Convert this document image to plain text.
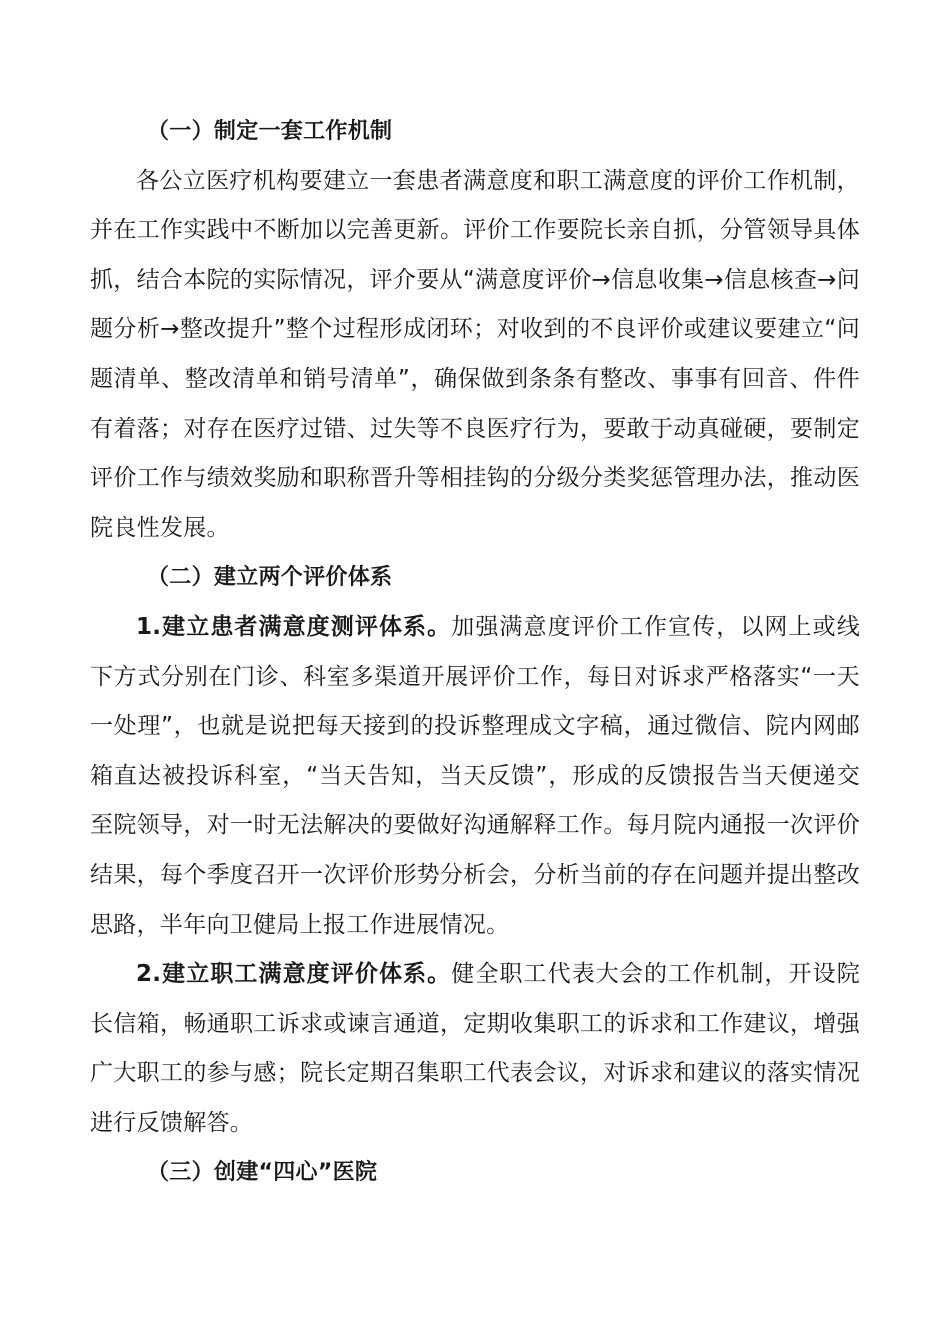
（一）制定一套工作机制

各公立医疗机构要建立一套患者满意度和职工满意度的评价工作机制，并在工作实践中不断加以完善更新。评价工作要院长亲自抓，分管领导具体抓，结合本院的实际情况，评介要从“满意度评价→信息收集→信息核查→问题分析→整改提升”整个过程形成闭环；对收到的不良评价或建议要建立“问题清单、整改清单和销号清单”，确保做到条条有整改、事事有回音、件件有着落；对存在医疗过错、过失等不良医疗行为，要敢于动真碰硬，要制定评价工作与绩效奖励和职称晋升等相挂钩的分级分类奖惩管理办法，推动医院良性发展。

（二）建立两个评价体系

1.建立患者满意度测评体系。加强满意度评价工作宣传，以网上或线下方式分别在门诊、科室多渠道开展评价工作，每日对诉求严格落实“一天一处理”，也就是说把每天接到的投诉整理成文字稿，通过微信、院内网邮箱直达被投诉科室，“当天告知，当天反馈”，形成的反馈报告当天便递交至院领导，对一时无法解决的要做好沟通解释工作。每月院内通报一次评价结果，每个季度召开一次评价形势分析会，分析当前的存在问题并提出整改思路，半年向卫健局上报工作进展情况。

2.建立职工满意度评价体系。健全职工代表大会的工作机制，开设院长信箱，畅通职工诉求或谏言通道，定期收集职工的诉求和工作建议，增强广大职工的参与感；院长定期召集职工代表会议，对诉求和建议的落实情况进行反馈解答。

（三）创建“四心”医院
